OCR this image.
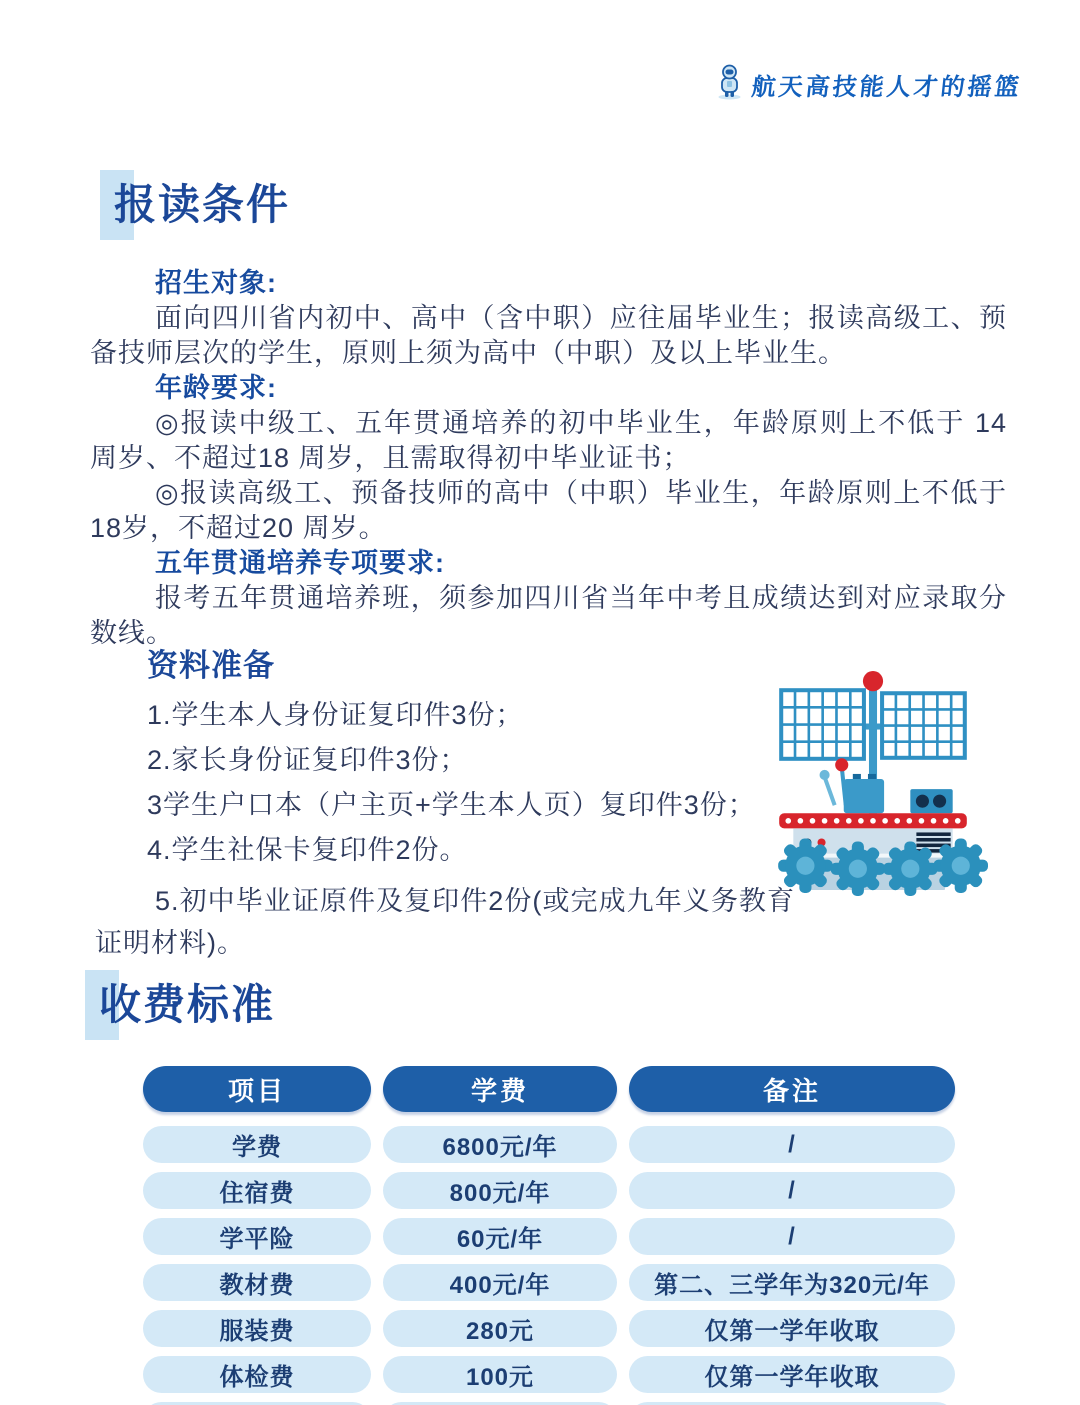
航天高技能人才的摇篮
报读条件

招生对象:

面向四川省内初中、高中（含中职）应往届毕业生；报读高级工、预备技师层次的学生，原则上须为高中（中职）及以上毕业生。

年龄要求:

◎报读中级工、五年贯通培养的初中毕业生，年龄原则上不低于 14 周岁、不超过18 周岁，且需取得初中毕业证书；

◎报读高级工、预备技师的高中（中职）毕业生，年龄原则上不低于18岁，不超过20 周岁。

五年贯通培养专项要求:

报考五年贯通培养班，须参加四川省当年中考且成绩达到对应录取分数线。

资料准备
1.学生本人身份证复印件3份；
2.家长身份证复印件3份；
3学生户口本（户主页+学生本人页）复印件3份；
4.学生社保卡复印件2份。
5.初中毕业证原件及复印件2份(或完成九年义务教育证明材料)。
收费标准
项目	学费	备注
学费	6800元/年	/
住宿费	800元/年	/
学平险	60元/年	/
教材费	400元/年	第二、三学年为320元/年
服装费	280元	仅第一学年收取
体检费	100元	仅第一学年收取
